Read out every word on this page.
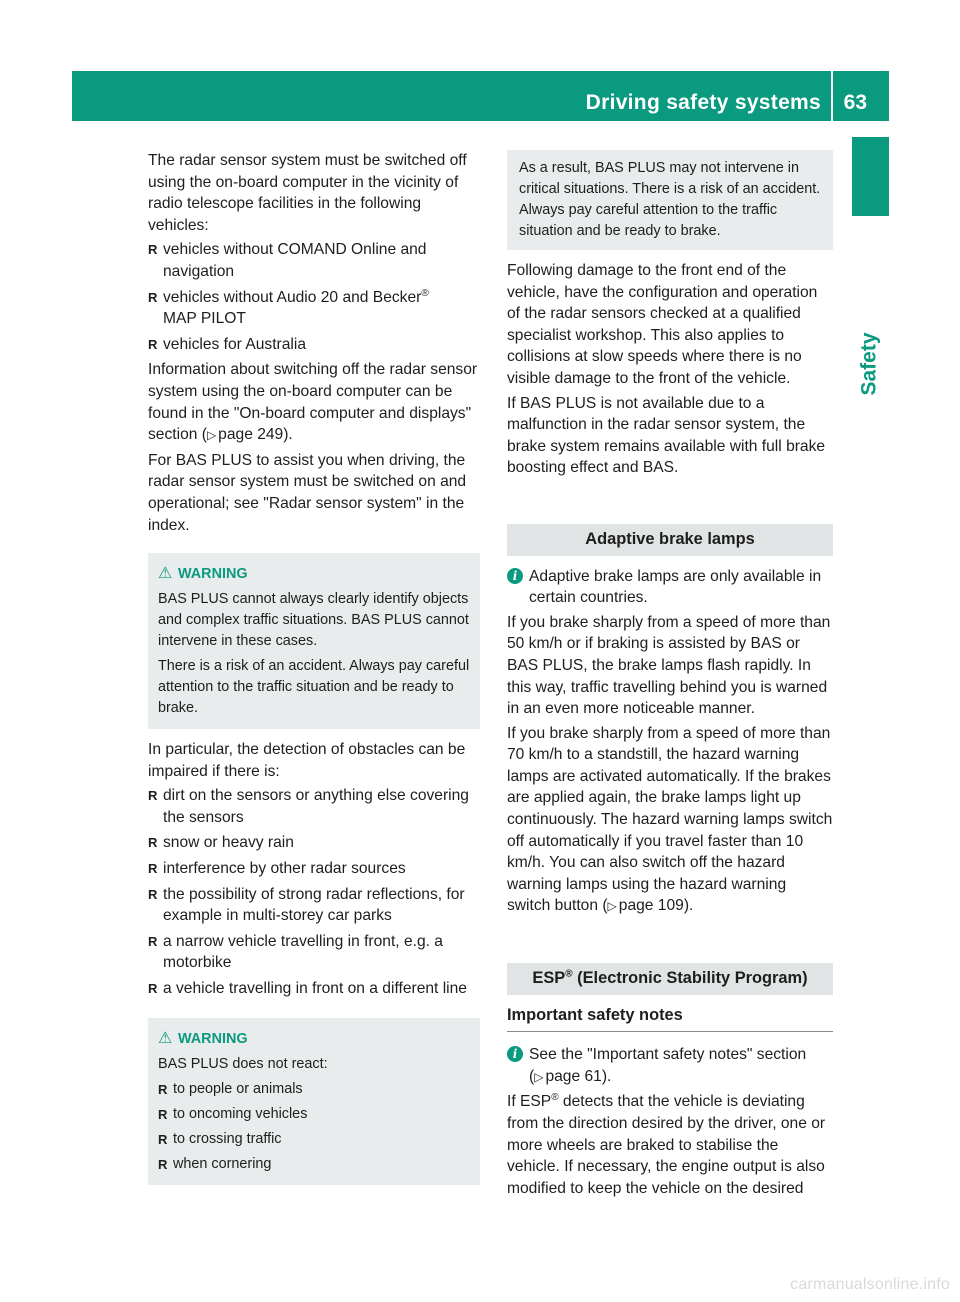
Driving safety systems 63
Safety

The radar sensor system must be switched off using the on-board computer in the vicinity of radio telescope facilities in the following vehicles:

R vehicles without COMAND Online and navigation
R vehicles without Audio 20 and Becker®
MAP PILOT
R vehicles for Australia

Information about switching off the radar sensor system using the on-board computer can be found in the "On-board computer and displays" section ( ▷ page 249).

For BAS PLUS to assist you when driving, the radar sensor system must be switched on and operational; see "Radar sensor system" in the index.

⚠ WARNING

BAS PLUS cannot always clearly identify objects and complex traffic situations. BAS PLUS cannot intervene in these cases.

There is a risk of an accident. Always pay careful attention to the traffic situation and be ready to brake.

In particular, the detection of obstacles can be impaired if there is:

R dirt on the sensors or anything else covering the sensors
R snow or heavy rain
R interference by other radar sources
R the possibility of strong radar reflections, for example in multi-storey car parks
R a narrow vehicle travelling in front, e.g. a motorbike
R a vehicle travelling in front on a different line
⚠ WARNING

BAS PLUS does not react:

R to people or animals
R to oncoming vehicles
R to crossing traffic
R when cornering
As a result, BAS PLUS may not intervene in critical situations. There is a risk of an accident. Always pay careful attention to the traffic situation and be ready to brake.

Following damage to the front end of the vehicle, have the configuration and operation of the radar sensors checked at a qualified specialist workshop. This also applies to collisions at slow speeds where there is no visible damage to the front of the vehicle.

If BAS PLUS is not available due to a malfunction in the radar sensor system, the brake system remains available with full brake boosting effect and BAS.

Adaptive brake lamps
i Adaptive brake lamps are only available in certain countries.

If you brake sharply from a speed of more than 50 km/h or if braking is assisted by BAS or BAS PLUS, the brake lamps flash rapidly. In this way, traffic travelling behind you is warned in an even more noticeable manner.

If you brake sharply from a speed of more than 70 km/h to a standstill, the hazard warning lamps are activated automatically. If the brakes are applied again, the brake lamps light up continuously. The hazard warning lamps switch off automatically if you travel faster than 10 km/h. You can also switch off the hazard warning lamps using the hazard warning switch button ( ▷ page 109).

ESP® (Electronic Stability Program)
Important safety notes
i See the "Important safety notes" section ( ▷ page 61).

If ESP® detects that the vehicle is deviating from the direction desired by the driver, one or more wheels are braked to stabilise the vehicle. If necessary, the engine output is also modified to keep the vehicle on the desired

carmanualsonline.info
